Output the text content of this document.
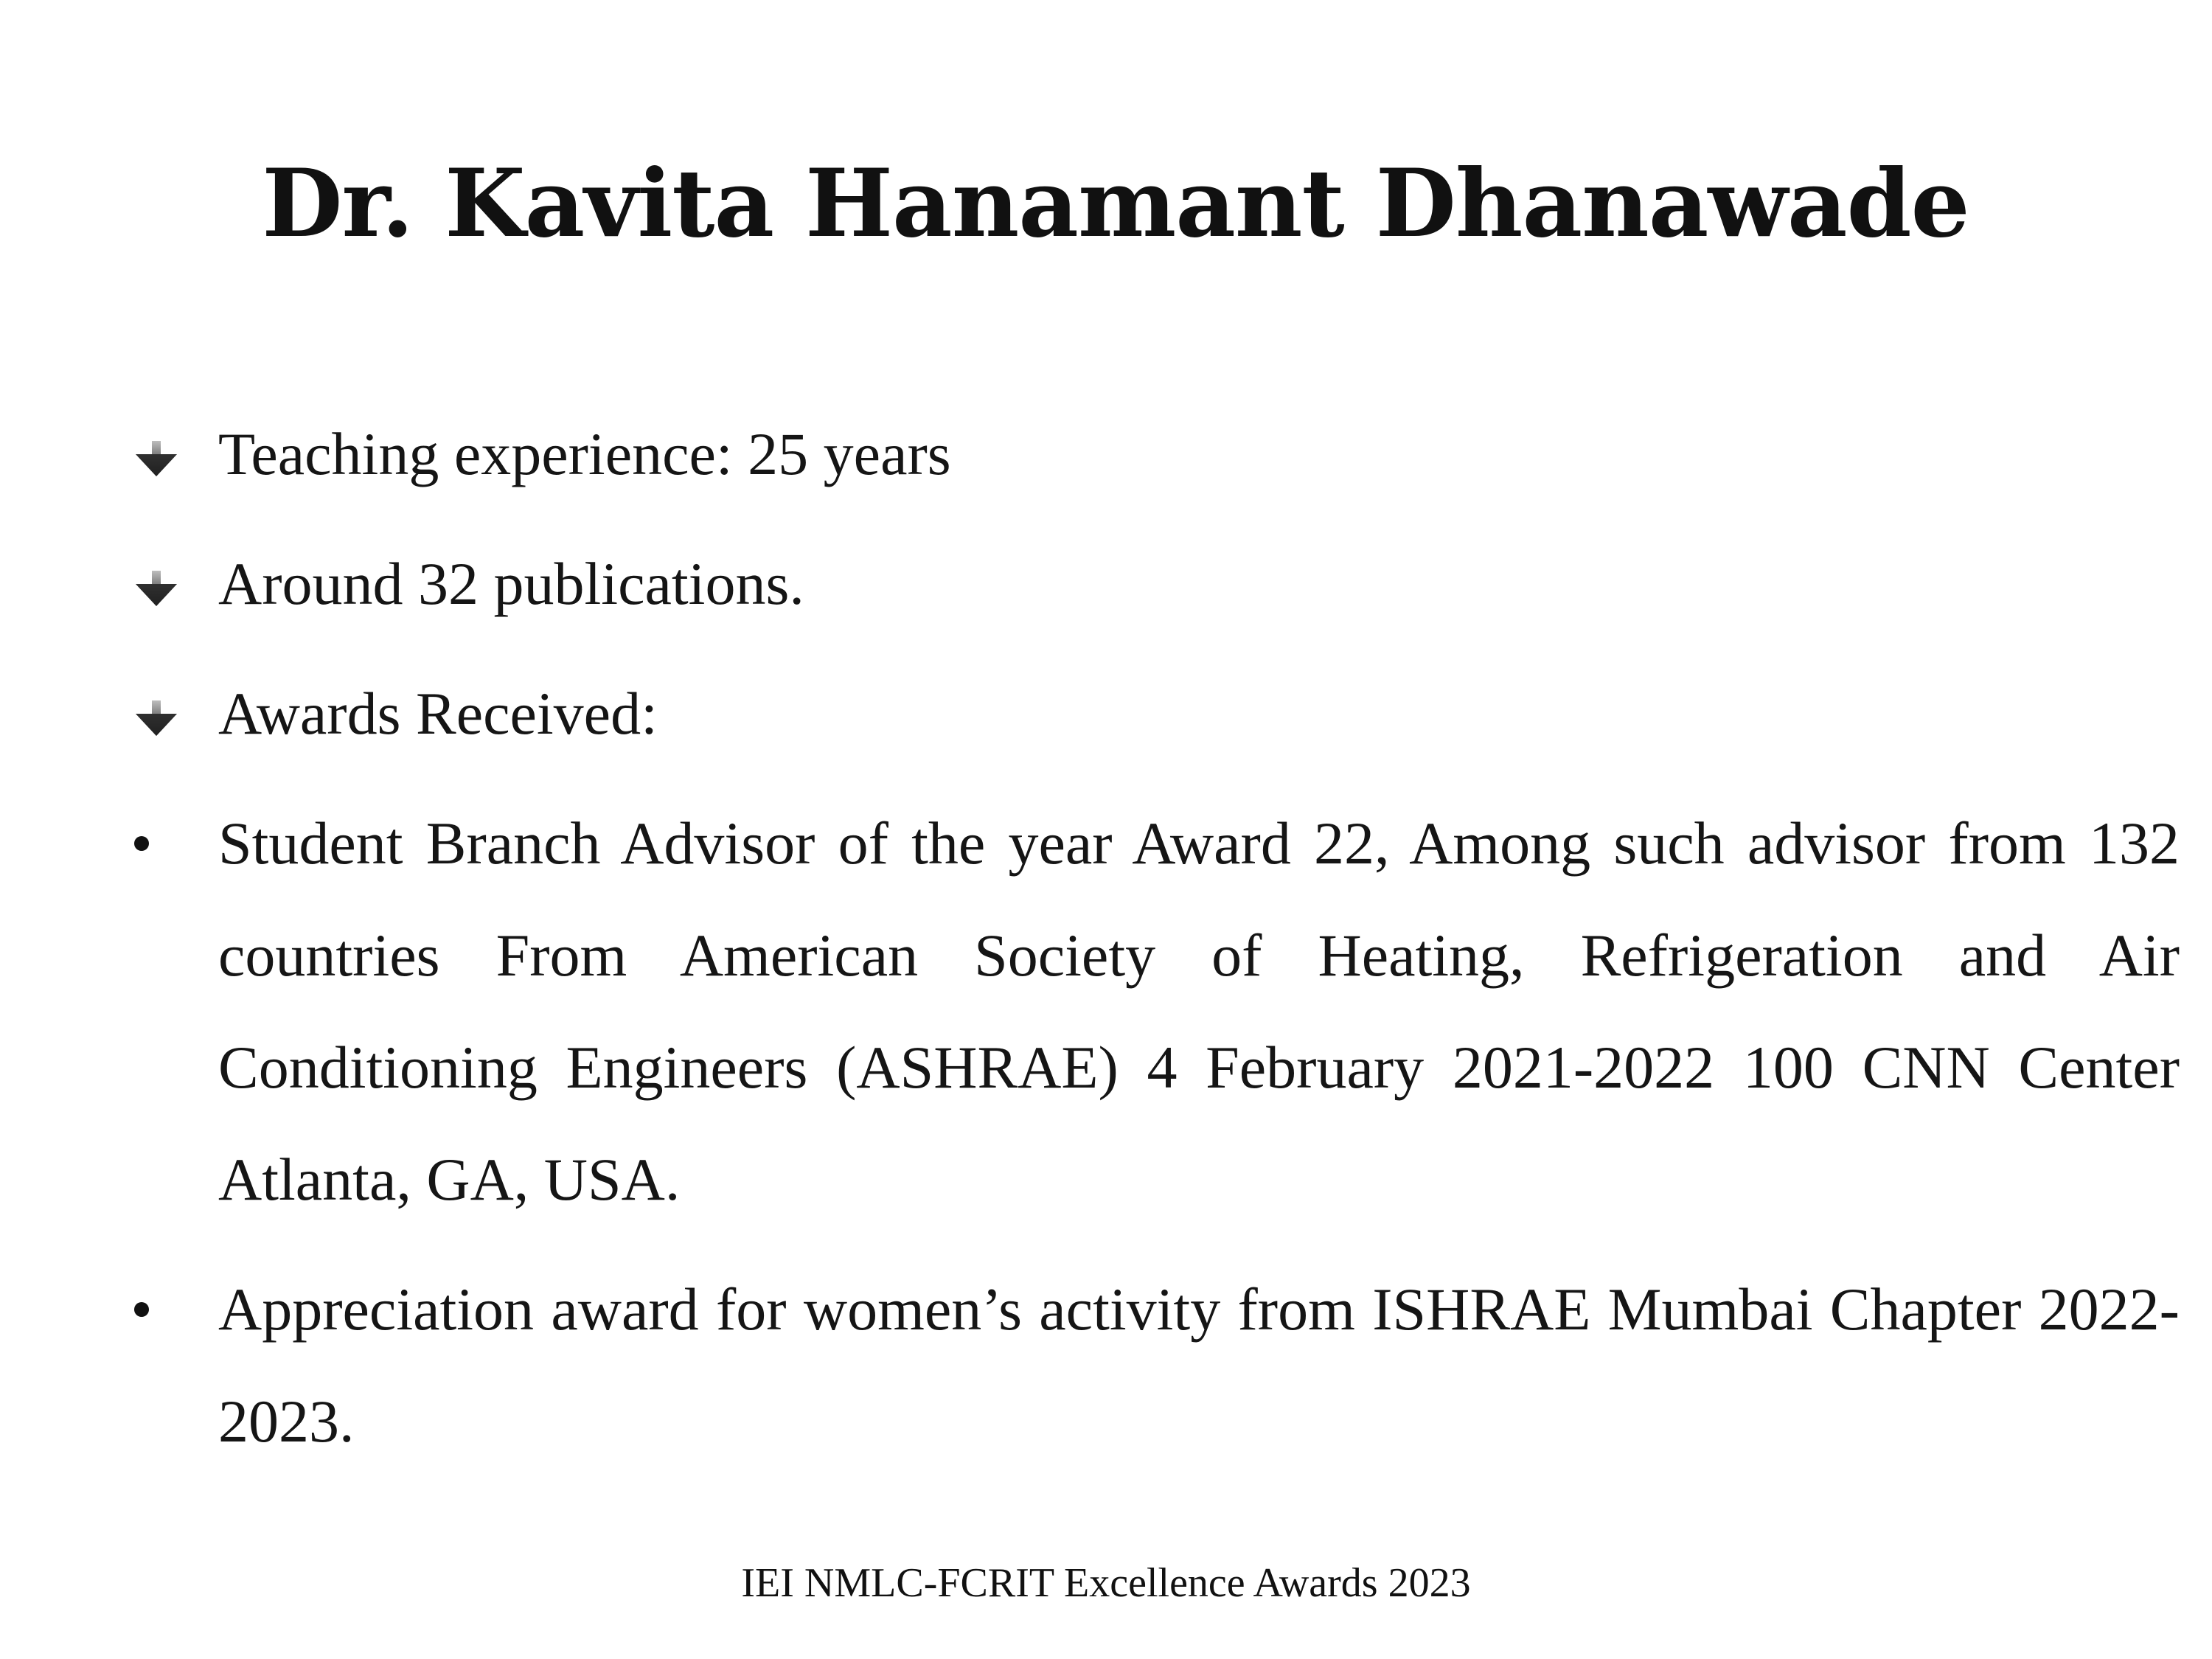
Dr. Kavita Hanamant Dhanawade
Teaching experience: 25 years
Around 32 publications.
Awards Received:
Student Branch Advisor of the year Award 22, Among such advisor from 132 countries From American Society of Heating, Refrigeration and Air Conditioning Engineers (ASHRAE) 4 February 2021-2022 100 CNN Center Atlanta, GA, USA.
Appreciation award for women’s activity from ISHRAE Mumbai Chapter 2022-2023.
IEI NMLC-FCRIT Excellence Awards 2023
